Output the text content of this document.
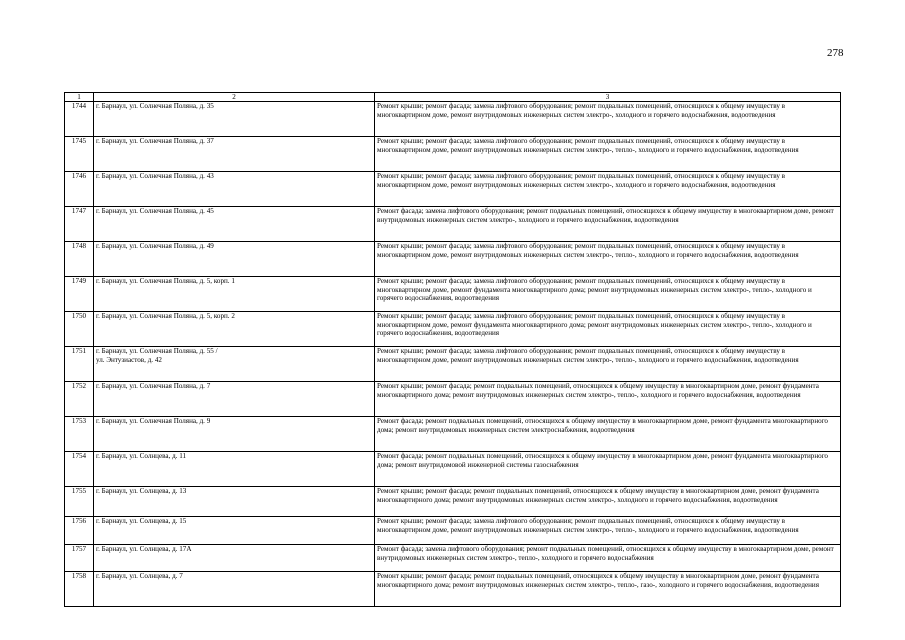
278
1	2	3
1744	г. Барнаул, ул. Солнечная Поляна, д. 35	Ремонт крыши; ремонт фасада; замена лифтового оборудования; ремонт подвальных помещений, относящихся к общему имуществу в многоквартирном доме, ремонт внутридомовых инженерных систем электро-, холодного и горячего водоснабжения, водоотведения
1745	г. Барнаул, ул. Солнечная Поляна, д. 37	Ремонт крыши; ремонт фасада; замена лифтового оборудования; ремонт подвальных помещений, относящихся к общему имуществу в многоквартирном доме, ремонт внутридомовых инженерных систем электро-, тепло-, холодного и горячего водоснабжения, водоотведения
1746	г. Барнаул, ул. Солнечная Поляна, д. 43	Ремонт крыши; ремонт фасада; замена лифтового оборудования; ремонт подвальных помещений, относящихся к общему имуществу в многоквартирном доме, ремонт внутридомовых инженерных систем электро-, холодного и горячего водоснабжения, водоотведения
1747	г. Барнаул, ул. Солнечная Поляна, д. 45	Ремонт фасада; замена лифтового оборудования; ремонт подвальных помещений, относящихся к общему имуществу в многоквартирном доме, ремонт внутридомовых инженерных систем электро-, холодного и горячего водоснабжения, водоотведения
1748	г. Барнаул, ул. Солнечная Поляна, д. 49	Ремонт крыши; ремонт фасада; замена лифтового оборудования; ремонт подвальных помещений, относящихся к общему имуществу в многоквартирном доме, ремонт внутридомовых инженерных систем электро-, тепло-, холодного и горячего водоснабжения, водоотведения
1749	г. Барнаул, ул. Солнечная Поляна, д. 5, корп. 1	Ремонт крыши; ремонт фасада; замена лифтового оборудования; ремонт подвальных помещений, относящихся к общему имуществу в многоквартирном доме, ремонт фундамента многоквартирного дома; ремонт внутридомовых инженерных систем электро-, тепло-, холодного и горячего водоснабжения, водоотведения
1750	г. Барнаул, ул. Солнечная Поляна, д. 5, корп. 2	Ремонт крыши; ремонт фасада; замена лифтового оборудования; ремонт подвальных помещений, относящихся к общему имуществу в многоквартирном доме, ремонт фундамента многоквартирного дома; ремонт внутридомовых инженерных систем электро-, тепло-, холодного и горячего водоснабжения, водоотведения
1751	г. Барнаул, ул. Солнечная Поляна, д. 55 /
ул. Энтузиастов, д. 42	Ремонт крыши; ремонт фасада; замена лифтового оборудования; ремонт подвальных помещений, относящихся к общему имуществу в многоквартирном доме, ремонт внутридомовых инженерных систем электро-, тепло-, холодного и горячего водоснабжения, водоотведения
1752	г. Барнаул, ул. Солнечная Поляна, д. 7	Ремонт крыши; ремонт фасада; ремонт подвальных помещений, относящихся к общему имуществу в многоквартирном доме, ремонт фундамента многоквартирного дома; ремонт внутридомовых инженерных систем электро-, тепло-, холодного и горячего водоснабжения, водоотведения
1753	г. Барнаул, ул. Солнечная Поляна, д. 9	Ремонт фасада; ремонт подвальных помещений, относящихся к общему имуществу в многоквартирном доме, ремонт фундамента многоквартирного дома; ремонт внутридомовых инженерных систем электроснабжения, водоотведения
1754	г. Барнаул, ул. Солнцева, д. 11	Ремонт фасада; ремонт подвальных помещений, относящихся к общему имуществу в многоквартирном доме, ремонт фундамента многоквартирного дома; ремонт внутридомовой инженерной системы газоснабжения
1755	г. Барнаул, ул. Солнцева, д. 13	Ремонт крыши; ремонт фасада; ремонт подвальных помещений, относящихся к общему имуществу в многоквартирном доме, ремонт фундамента многоквартирного дома; ремонт внутридомовых инженерных систем электро-, холодного и горячего водоснабжения, водоотведения
1756	г. Барнаул, ул. Солнцева, д. 15	Ремонт крыши; ремонт фасада; замена лифтового оборудования; ремонт подвальных помещений, относящихся к общему имуществу в многоквартирном доме, ремонт внутридомовых инженерных систем электро-, тепло-, холодного и горячего водоснабжения, водоотведения
1757	г. Барнаул, ул. Солнцева, д. 17А	Ремонт фасада; замена лифтового оборудования; ремонт подвальных помещений, относящихся к общему имуществу в многоквартирном доме, ремонт внутридомовых инженерных систем электро-, тепло-, холодного и горячего водоснабжения
1758	г. Барнаул, ул. Солнцева, д. 7	Ремонт крыши; ремонт фасада; ремонт подвальных помещений, относящихся к общему имуществу в многоквартирном доме, ремонт фундамента многоквартирного дома; ремонт внутридомовых инженерных систем электро-, тепло-, газо-, холодного и горячего водоснабжения, водоотведения
